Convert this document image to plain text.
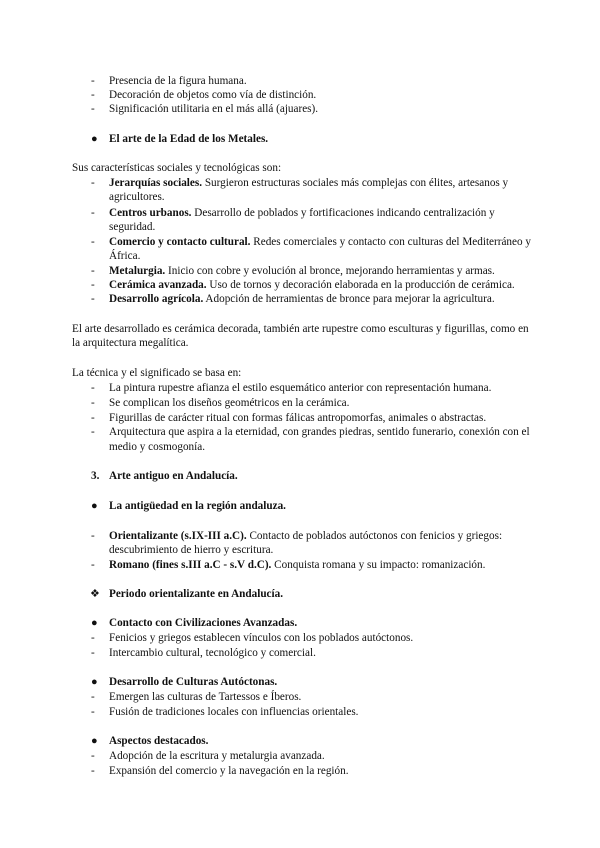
- Presencia de la figura humana.
- Decoración de objetos como vía de distinción.
- Significación utilitaria en el más allá (ajuares).
● El arte de la Edad de los Metales.
Sus características sociales y tecnológicas son:
- Jerarquías sociales. Surgieron estructuras sociales más complejas con élites, artesanos y
agricultores.
- Centros urbanos. Desarrollo de poblados y fortificaciones indicando centralización y
seguridad.
- Comercio y contacto cultural. Redes comerciales y contacto con culturas del Mediterráneo y
África.
- Metalurgia. Inicio con cobre y evolución al bronce, mejorando herramientas y armas.
- Cerámica avanzada. Uso de tornos y decoración elaborada en la producción de cerámica.
- Desarrollo agrícola. Adopción de herramientas de bronce para mejorar la agricultura.
El arte desarrollado es cerámica decorada, también arte rupestre como esculturas y figurillas, como en
la arquitectura megalítica.
La técnica y el significado se basa en:
- La pintura rupestre afianza el estilo esquemático anterior con representación humana.
- Se complican los diseños geométricos en la cerámica.
- Figurillas de carácter ritual con formas fálicas antropomorfas, animales o abstractas.
- Arquitectura que aspira a la eternidad, con grandes piedras, sentido funerario, conexión con el
medio y cosmogonía.
3. Arte antiguo en Andalucía.
● La antigüedad en la región andaluza.
- Orientalizante (s.IX-III a.C). Contacto de poblados autóctonos con fenicios y griegos:
descubrimiento de hierro y escritura.
- Romano (fines s.III a.C - s.V d.C). Conquista romana y su impacto: romanización.
❖ Periodo orientalizante en Andalucía.
● Contacto con Civilizaciones Avanzadas.
- Fenicios y griegos establecen vínculos con los poblados autóctonos.
- Intercambio cultural, tecnológico y comercial.
● Desarrollo de Culturas Autóctonas.
- Emergen las culturas de Tartessos e Íberos.
- Fusión de tradiciones locales con influencias orientales.
● Aspectos destacados.
- Adopción de la escritura y metalurgia avanzada.
- Expansión del comercio y la navegación en la región.
